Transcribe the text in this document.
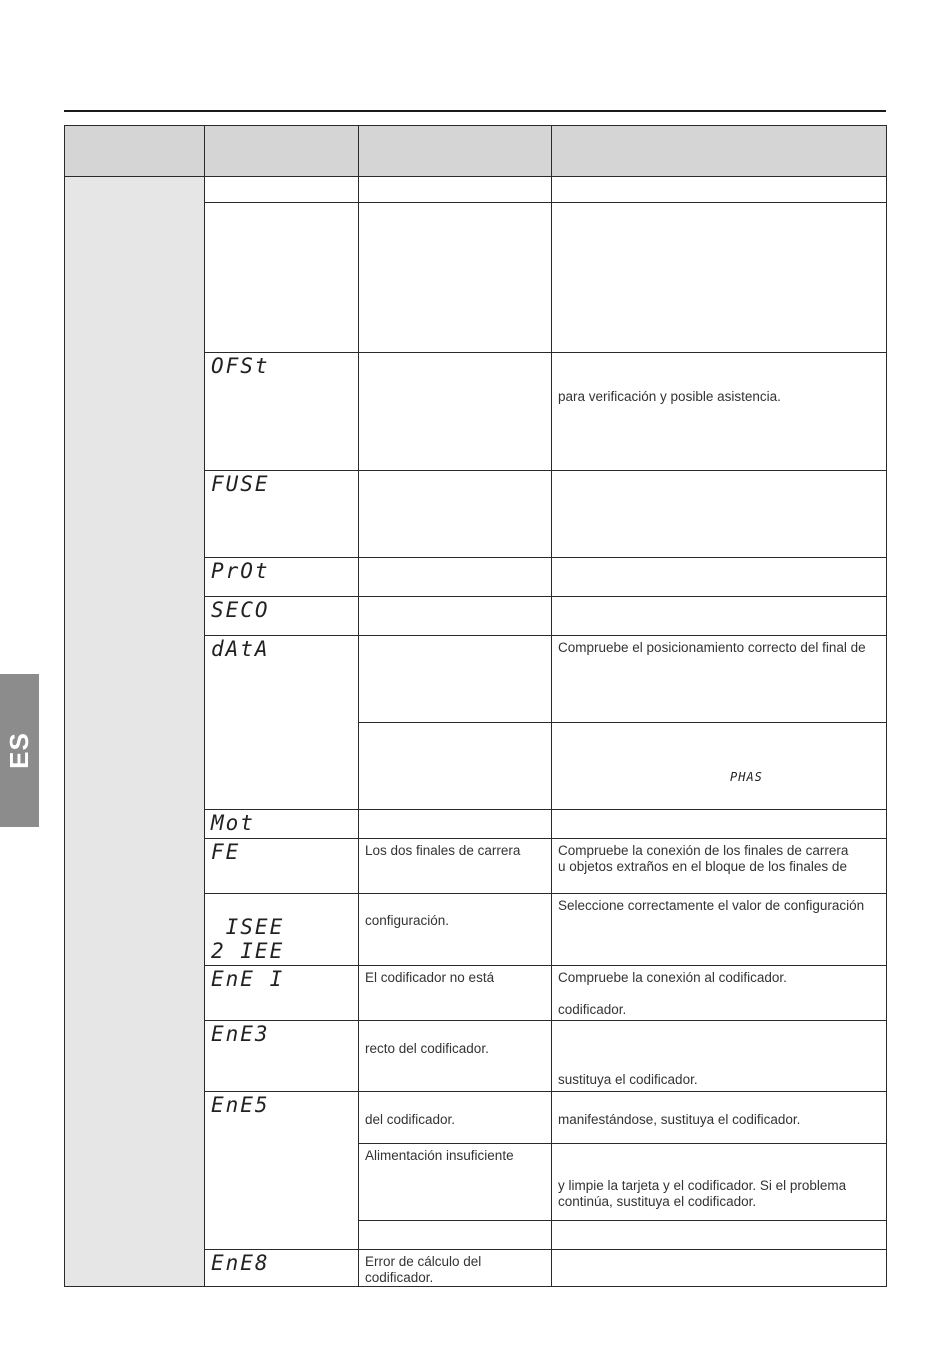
ES

	OFSt		para verificación y posible asistencia.

	FUSE		

	PrOt		

	SECO		

	dAtA		Compruebe el posicionamiento correcto del final de

			PHAS

	Mot		

	FE	Los dos finales de carrera	Compruebe la conexión de los finales de carrera
u objetos extraños en el bloque de los finales de

	ISEE
2 IEE	configuración.	Seleccione correctamente el valor de configuración

	EnE I	El codificador no está	Compruebe la conexión al codificador.
codificador.

	EnE3	recto del codificador.	sustituya el codificador.

	EnE5	del codificador.	manifestándose, sustituya el codificador.

		Alimentación insuficiente	y limpie la tarjeta y el codificador. Si el problema
continúa, sustituya el codificador.

	EnE8	Error de cálculo del codificador.	
